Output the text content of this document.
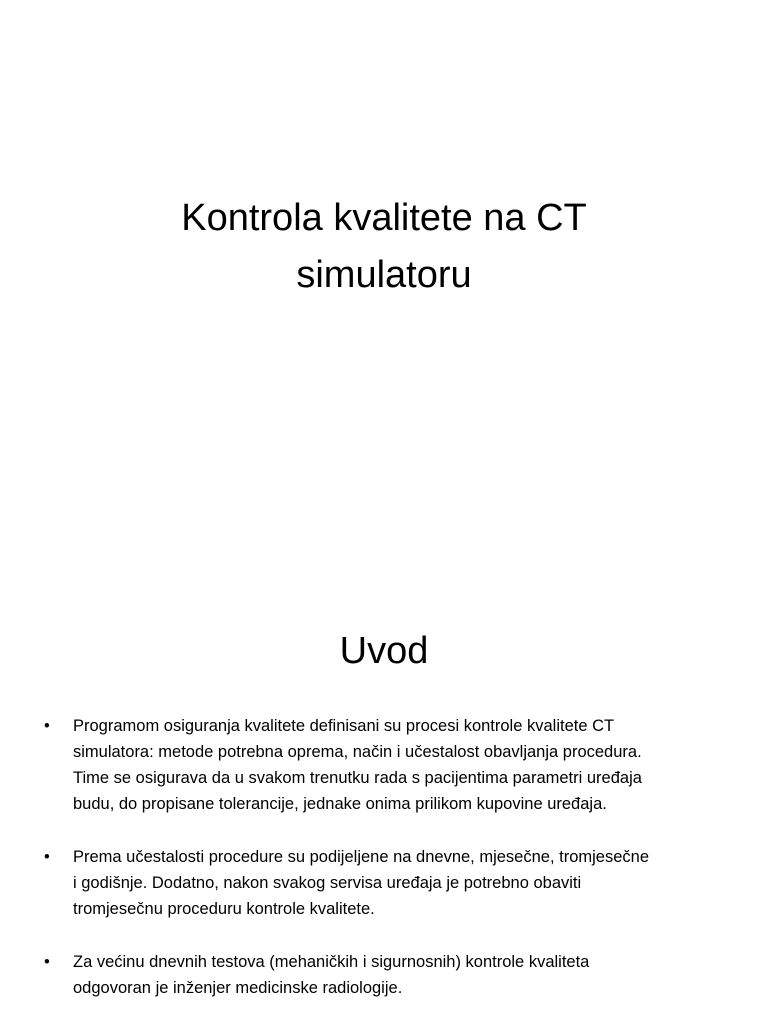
Kontrola kvalitete na CT
simulatoru
Uvod
• Programom osiguranja kvalitete definisani su procesi kontrole kvalitete CT
simulatora: metode potrebna oprema, način i učestalost obavljanja procedura.
Time se osigurava da u svakom trenutku rada s pacijentima parametri uređaja
budu, do propisane tolerancije, jednake onima prilikom kupovine uređaja.
• Prema učestalosti procedure su podijeljene na dnevne, mjesečne, tromjesečne
i godišnje. Dodatno, nakon svakog servisa uređaja je potrebno obaviti
tromjesečnu proceduru kontrole kvalitete.
• Za većinu dnevnih testova (mehaničkih i sigurnosnih) kontrole kvaliteta
odgovoran je inženjer medicinske radiologije.
